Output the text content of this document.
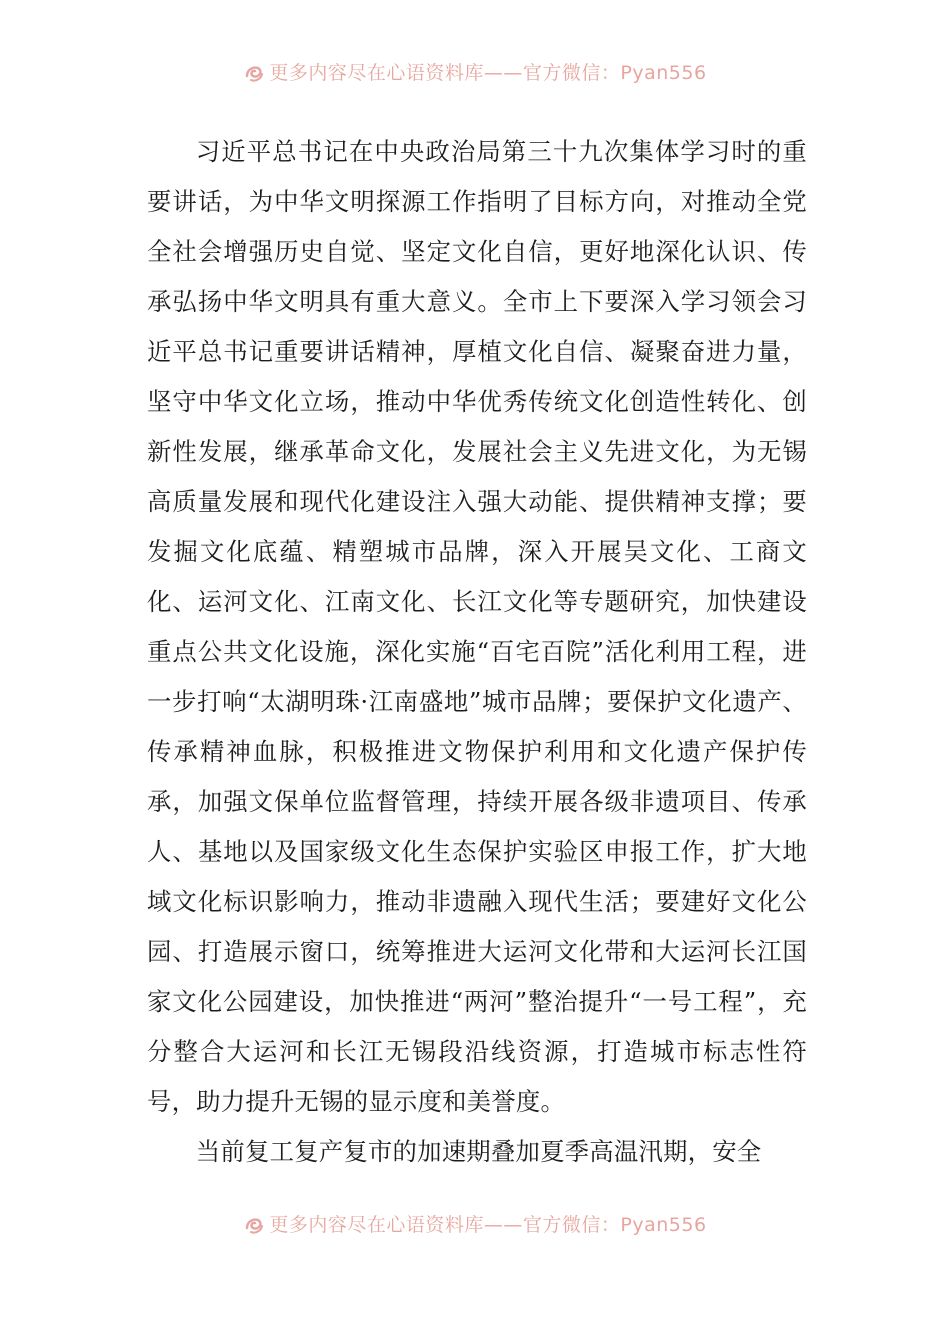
更多内容尽在心语资料库——官方微信：Pyan556

习近平总书记在中央政治局第三十九次集体学习时的重要讲话，为中华文明探源工作指明了目标方向，对推动全党全社会增强历史自觉、坚定文化自信，更好地深化认识、传承弘扬中华文明具有重大意义。全市上下要深入学习领会习近平总书记重要讲话精神，厚植文化自信、凝聚奋进力量，坚守中华文化立场，推动中华优秀传统文化创造性转化、创新性发展，继承革命文化，发展社会主义先进文化，为无锡高质量发展和现代化建设注入强大动能、提供精神支撑；要发掘文化底蕴、精塑城市品牌，深入开展吴文化、工商文化、运河文化、江南文化、长江文化等专题研究，加快建设重点公共文化设施，深化实施“百宅百院”活化利用工程，进一步打响“太湖明珠·江南盛地”城市品牌；要保护文化遗产、传承精神血脉，积极推进文物保护利用和文化遗产保护传承，加强文保单位监督管理，持续开展各级非遗项目、传承人、基地以及国家级文化生态保护实验区申报工作，扩大地域文化标识影响力，推动非遗融入现代生活；要建好文化公园、打造展示窗口，统筹推进大运河文化带和大运河长江国家文化公园建设，加快推进“两河”整治提升“一号工程”，充分整合大运河和长江无锡段沿线资源，打造城市标志性符号，助力提升无锡的显示度和美誉度。

当前复工复产复市的加速期叠加夏季高温汛期，安全

更多内容尽在心语资料库——官方微信：Pyan556
